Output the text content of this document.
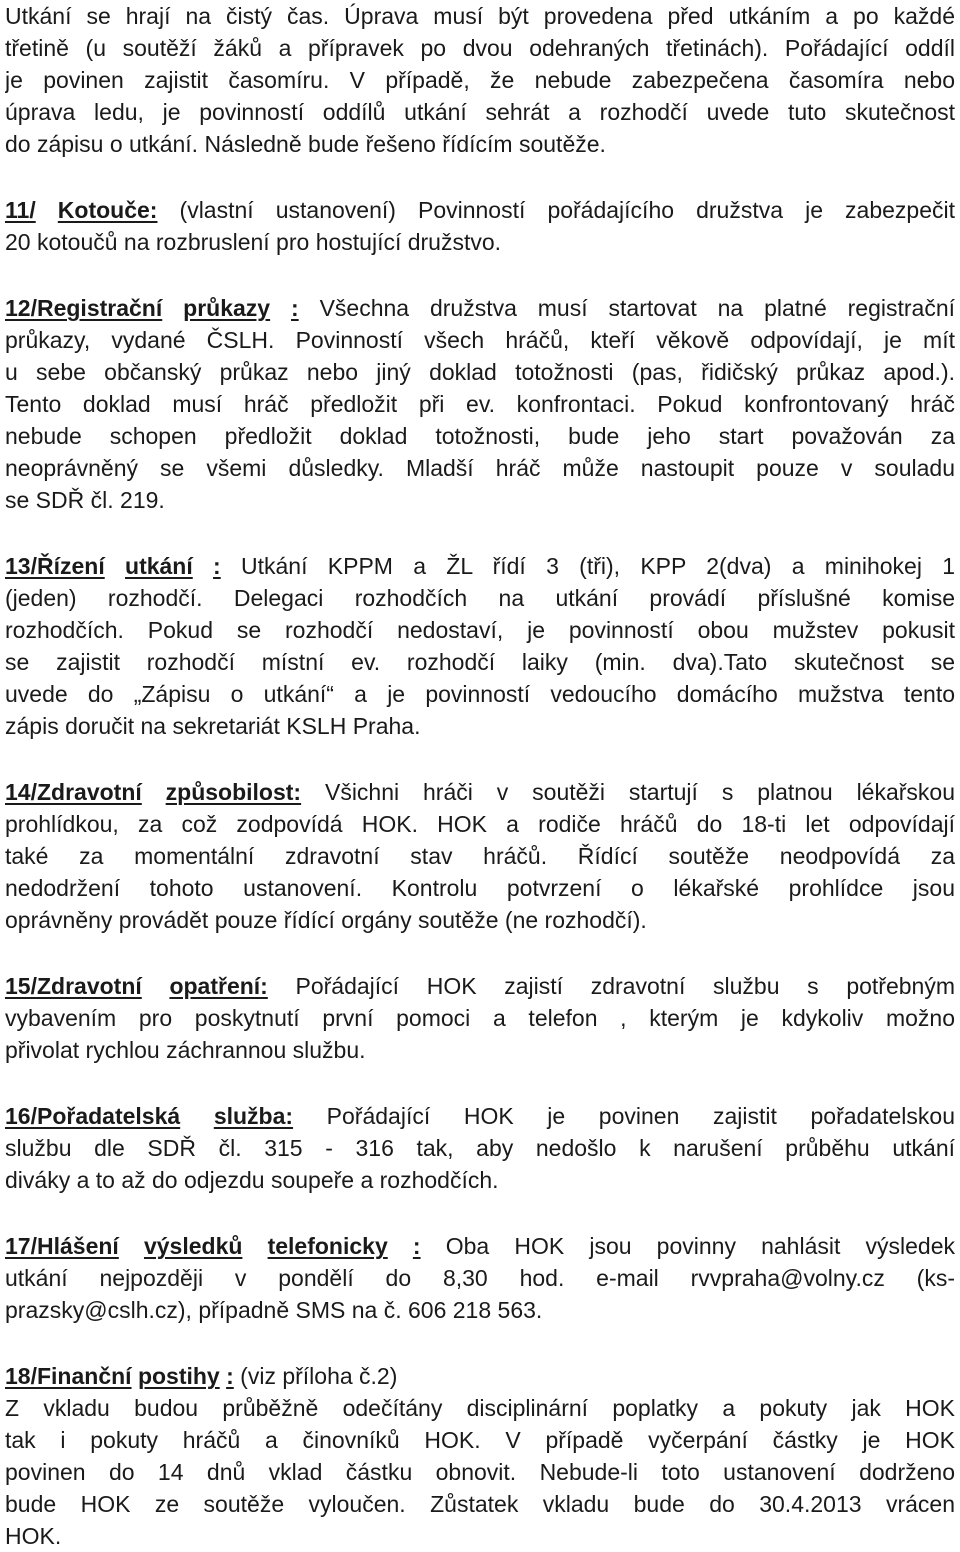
Utkání se hrají na čistý čas. Úprava musí být provedena před utkáním a po každé
třetině (u soutěží žáků a přípravek po dvou odehraných třetinách). Pořádající oddíl
je povinen zajistit časomíru. V případě, že nebude zabezpečena časomíra nebo
úprava ledu, je povinností oddílů utkání sehrát a rozhodčí uvede tuto skutečnost
do zápisu o utkání. Následně bude řešeno řídícím soutěže.
11/ Kotouče: (vlastní ustanovení) Povinností pořádajícího družstva je zabezpečit
20 kotoučů na rozbruslení pro hostující družstvo.
12/Registrační průkazy : Všechna družstva musí startovat na platné registrační
průkazy, vydané ČSLH. Povinností všech hráčů, kteří věkově odpovídají, je mít
u sebe občanský průkaz nebo jiný doklad totožnosti (pas, řidičský průkaz apod.).
Tento doklad musí hráč předložit při ev. konfrontaci. Pokud konfrontovaný hráč
nebude schopen předložit doklad totožnosti, bude jeho start považován za
neoprávněný se všemi důsledky. Mladší hráč může nastoupit pouze v souladu
se SDŘ čl. 219.
13/Řízení utkání : Utkání KPPM a ŽL řídí 3 (tři), KPP 2(dva) a minihokej 1
(jeden) rozhodčí. Delegaci rozhodčích na utkání provádí příslušné komise
rozhodčích. Pokud se rozhodčí nedostaví, je povinností obou mužstev pokusit
se zajistit rozhodčí místní ev. rozhodčí laiky (min. dva).Tato skutečnost se
uvede do „Zápisu o utkání“ a je povinností vedoucího domácího mužstva tento
zápis doručit na sekretariát KSLH Praha.
14/Zdravotní způsobilost: Všichni hráči v soutěži startují s platnou lékařskou
prohlídkou, za což zodpovídá HOK. HOK a rodiče hráčů do 18-ti let odpovídají
také za momentální zdravotní stav hráčů. Řídící soutěže neodpovídá za
nedodržení tohoto ustanovení. Kontrolu potvrzení o lékařské prohlídce jsou
oprávněny provádět pouze řídící orgány soutěže (ne rozhodčí).
15/Zdravotní opatření: Pořádající HOK zajistí zdravotní službu s potřebným
vybavením pro poskytnutí první pomoci a telefon , kterým je kdykoliv možno
přivolat rychlou záchrannou službu.
16/Pořadatelská služba: Pořádající HOK je povinen zajistit pořadatelskou
službu dle SDŘ čl. 315 - 316 tak, aby nedošlo k narušení průběhu utkání
diváky a to až do odjezdu soupeře a rozhodčích.
17/Hlášení výsledků telefonicky : Oba HOK jsou povinny nahlásit výsledek
utkání nejpozději v pondělí do 8,30 hod. e-mail rvvpraha@volny.cz (ks-
prazsky@cslh.cz), případně SMS na č. 606 218 563.
18/Finanční postihy : (viz příloha č.2)
Z vkladu budou průběžně odečítány disciplinární poplatky a pokuty jak HOK
tak i pokuty hráčů a činovníků HOK. V případě vyčerpání částky je HOK
povinen do 14 dnů vklad částku obnovit. Nebude-li toto ustanovení dodrženo
bude HOK ze soutěže vyloučen. Zůstatek vkladu bude do 30.4.2013 vrácen
HOK.
